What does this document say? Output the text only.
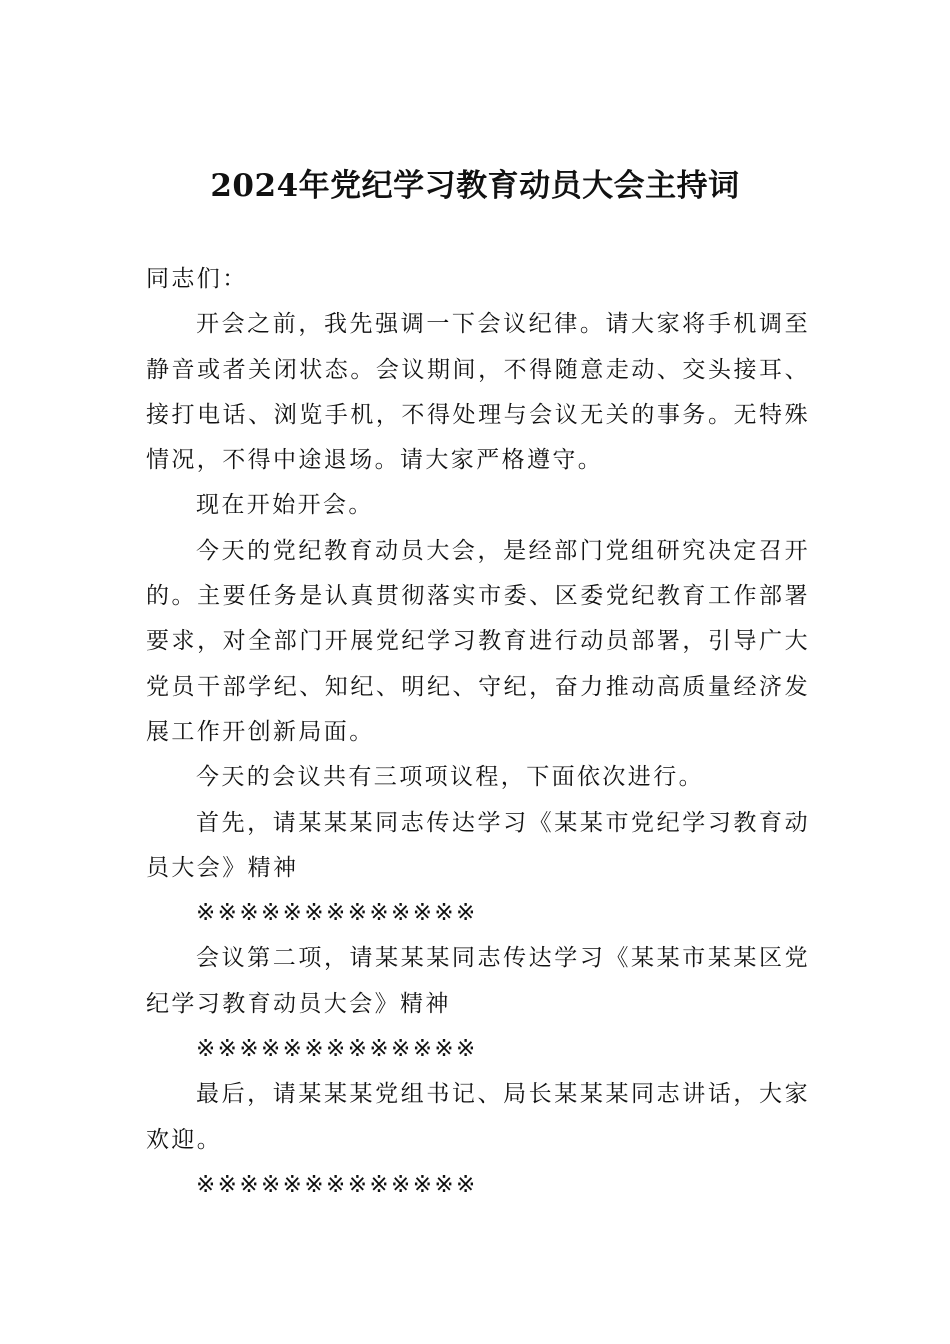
2024年党纪学习教育动员大会主持词

同志们：

开会之前，我先强调一下会议纪律。请大家将手机调至静音或者关闭状态。会议期间，不得随意走动、交头接耳、接打电话、浏览手机，不得处理与会议无关的事务。无特殊情况，不得中途退场。请大家严格遵守。

现在开始开会。

今天的党纪教育动员大会，是经部门党组研究决定召开的。主要任务是认真贯彻落实市委、区委党纪教育工作部署要求，对全部门开展党纪学习教育进行动员部署，引导广大党员干部学纪、知纪、明纪、守纪，奋力推动高质量经济发展工作开创新局面。

今天的会议共有三项项议程，下面依次进行。

首先，请某某某同志传达学习《某某市党纪学习教育动员大会》精神

※※※※※※※※※※※※※

会议第二项，请某某某同志传达学习《某某市某某区党纪学习教育动员大会》精神

※※※※※※※※※※※※※

最后，请某某某党组书记、局长某某某同志讲话，大家欢迎。

※※※※※※※※※※※※※
